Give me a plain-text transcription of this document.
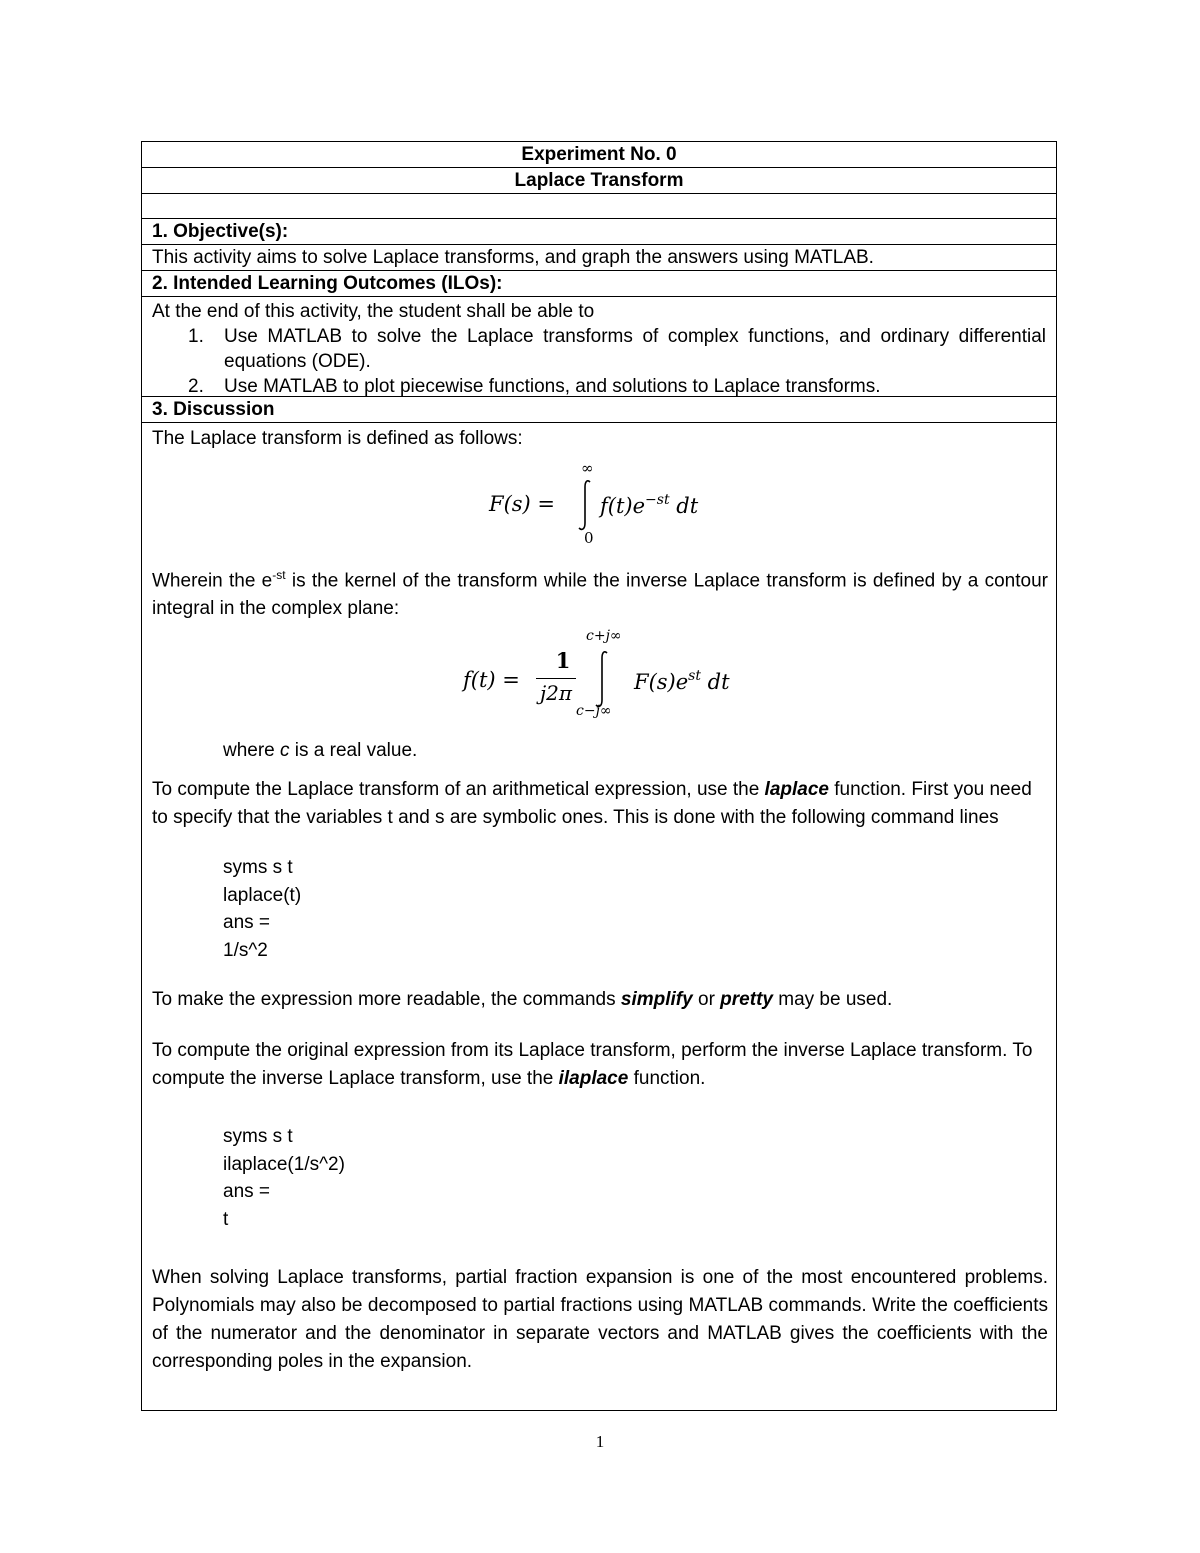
Experiment No. 0
Laplace Transform
1. Objective(s):
This activity aims to solve Laplace transforms, and graph the answers using MATLAB.
2. Intended Learning Outcomes (ILOs):
At the end of this activity, the student shall be able to
1. Use MATLAB to solve the Laplace transforms of complex functions, and ordinary differential equations (ODE).
2. Use MATLAB to plot piecewise functions, and solutions to Laplace transforms.
3. Discussion
The Laplace transform is defined as follows:
F(s) =
∞
0
$f(t)e^{-st}$ dt
Wherein the $e^{-st}$ is the kernel of the transform while the inverse Laplace transform is defined by a contour integral in the complex plane:
f(t) =
1
j2π
c+j∞
c−j∞
$F(s)e^{st}$ dt
where c is a real value.
To compute the Laplace transform of an arithmetical expression, use the laplace function. First you need to specify that the variables t and s are symbolic ones. This is done with the following command lines
syms s t
laplace(t)
ans =
1/s^2
To make the expression more readable, the commands simplify or pretty may be used.
To compute the original expression from its Laplace transform, perform the inverse Laplace transform. To compute the inverse Laplace transform, use the ilaplace function.
syms s t
ilaplace(1/s^2)
ans =
t
When solving Laplace transforms, partial fraction expansion is one of the most encountered problems. Polynomials may also be decomposed to partial fractions using MATLAB commands. Write the coefficients of the numerator and the denominator in separate vectors and MATLAB gives the coefficients with the corresponding poles in the expansion.
1
